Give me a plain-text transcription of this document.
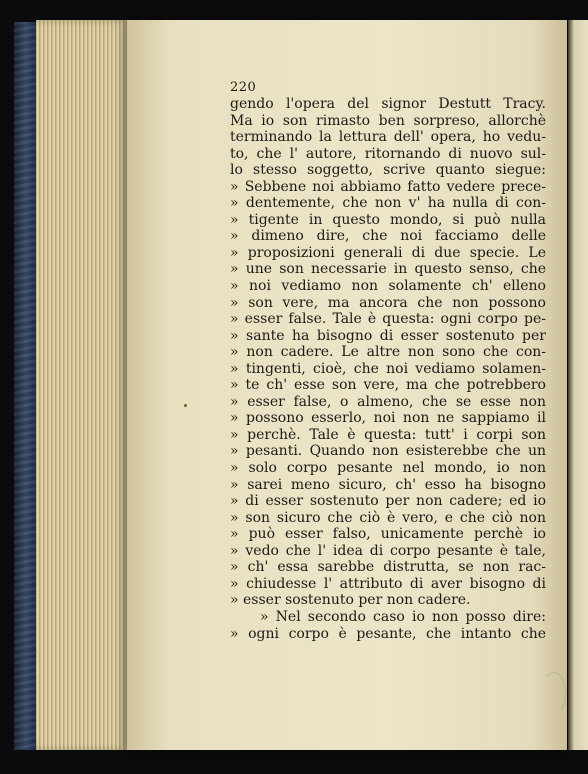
220
gendo l'opera del signor Destutt Tracy.
Ma io son rimasto ben sorpreso, allorchè
terminando la lettura dell' opera, ho vedu-
to, che l' autore, ritornando di nuovo sul-
lo stesso soggetto, scrive quanto siegue:
» Sebbene noi abbiamo fatto vedere prece-
» dentemente, che non v' ha nulla di con-
» tigente in questo mondo, si può nulla
» dimeno dire, che noi facciamo delle
» proposizioni generali di due specie. Le
» une son necessarie in questo senso, che
» noi vediamo non solamente ch' elleno
» son vere, ma ancora che non possono
» esser false. Tale è questa: ogni corpo pe-
» sante ha bisogno di esser sostenuto per
» non cadere. Le altre non sono che con-
» tingenti, cioè, che noi vediamo solamen-
» te ch' esse son vere, ma che potrebbero
» esser false, o almeno, che se esse non
» possono esserlo, noi non ne sappiamo il
» perchè. Tale è questa: tutt' i corpi son
» pesanti. Quando non esisterebbe che un
» solo corpo pesante nel mondo, io non
» sarei meno sicuro, ch' esso ha bisogno
» di esser sostenuto per non cadere; ed io
» son sicuro che ciò è vero, e che ciò non
» può esser falso, unicamente perchè io
» vedo che l' idea di corpo pesante è tale,
» ch' essa sarebbe distrutta, se non rac-
» chiudesse l' attributo di aver bisogno di
» esser sostenuto per non cadere.
» Nel secondo caso io non posso dire:
» ogni corpo è pesante, che intanto che
